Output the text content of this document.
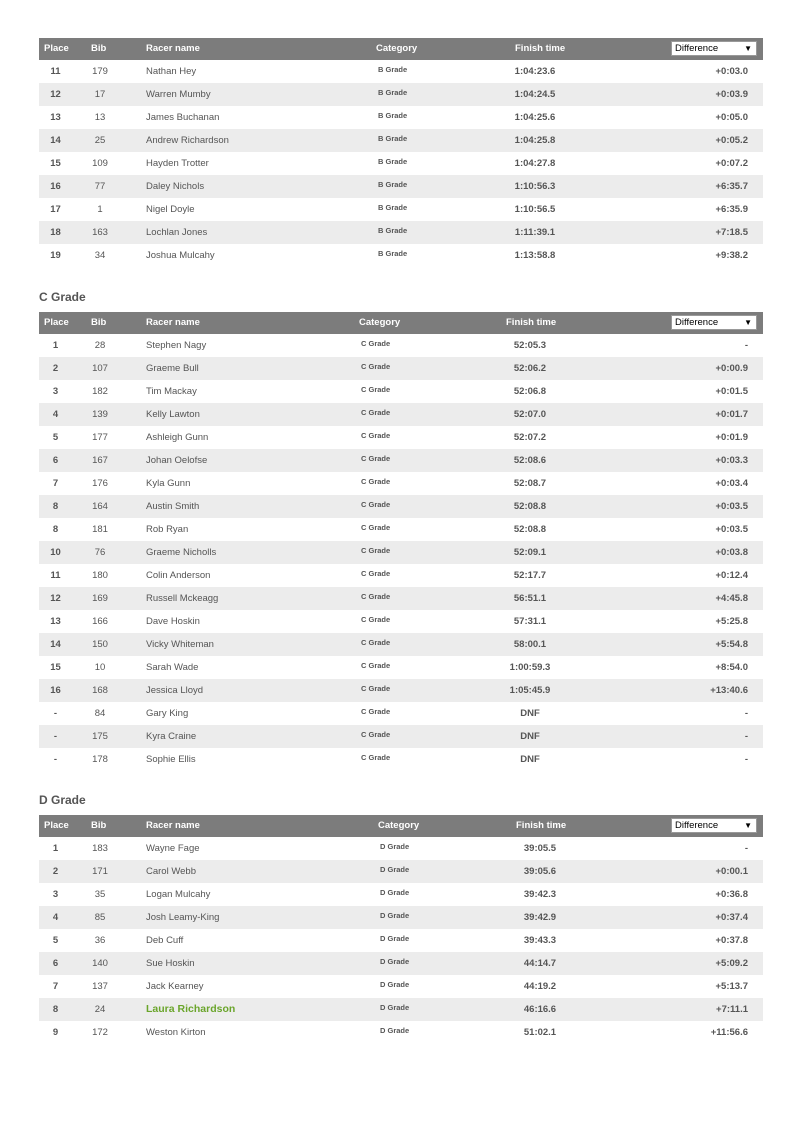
Place Bib	Racer name	Category	Finish time	Difference	▼
11	179	Nathan Hey	B Grade	1:04:23.6	+0:03.0
12	17	Warren Mumby	B Grade	1:04:24.5	+0:03.9
13	13	James Buchanan	B Grade	1:04:25.6	+0:05.0
14	25	Andrew Richardson	B Grade	1:04:25.8	+0:05.2
15	109	Hayden Trotter	B Grade	1:04:27.8	+0:07.2
16	77	Daley Nichols	B Grade	1:10:56.3	+6:35.7
17	1	Nigel Doyle	B Grade	1:10:56.5	+6:35.9
18	163	Lochlan Jones	B Grade	1:11:39.1	+7:18.5
19	34	Joshua Mulcahy	B Grade	1:13:58.8	+9:38.2
C Grade
Place Bib	Racer name	Category	Finish time	Difference	▼
1	28	Stephen Nagy	C Grade	52:05.3	-
2	107	Graeme Bull	C Grade	52:06.2	+0:00.9
3	182	Tim Mackay	C Grade	52:06.8	+0:01.5
4	139	Kelly Lawton	C Grade	52:07.0	+0:01.7
5	177	Ashleigh Gunn	C Grade	52:07.2	+0:01.9
6	167	Johan Oelofse	C Grade	52:08.6	+0:03.3
7	176	Kyla Gunn	C Grade	52:08.7	+0:03.4
8	164	Austin Smith	C Grade	52:08.8	+0:03.5
8	181	Rob Ryan	C Grade	52:08.8	+0:03.5
10	76	Graeme Nicholls	C Grade	52:09.1	+0:03.8
11	180	Colin Anderson	C Grade	52:17.7	+0:12.4
12	169	Russell Mckeagg	C Grade	56:51.1	+4:45.8
13	166	Dave Hoskin	C Grade	57:31.1	+5:25.8
14	150	Vicky Whiteman	C Grade	58:00.1	+5:54.8
15	10	Sarah Wade	C Grade	1:00:59.3	+8:54.0
16	168	Jessica Lloyd	C Grade	1:05:45.9	+13:40.6
-	84	Gary King	C Grade	DNF	-
-	175	Kyra Craine	C Grade	DNF	-
-	178	Sophie Ellis	C Grade	DNF	-
D Grade
Place Bib	Racer name	Category	Finish time	Difference	▼
1	183	Wayne Fage	D Grade	39:05.5	-
2	171	Carol Webb	D Grade	39:05.6	+0:00.1
3	35	Logan Mulcahy	D Grade	39:42.3	+0:36.8
4	85	Josh Leamy-King	D Grade	39:42.9	+0:37.4
5	36	Deb Cuff	D Grade	39:43.3	+0:37.8
6	140	Sue Hoskin	D Grade	44:14.7	+5:09.2
7	137	Jack Kearney	D Grade	44:19.2	+5:13.7
8	24	Laura Richardson	D Grade	46:16.6	+7:11.1
9	172	Weston Kirton	D Grade	51:02.1	+11:56.6
